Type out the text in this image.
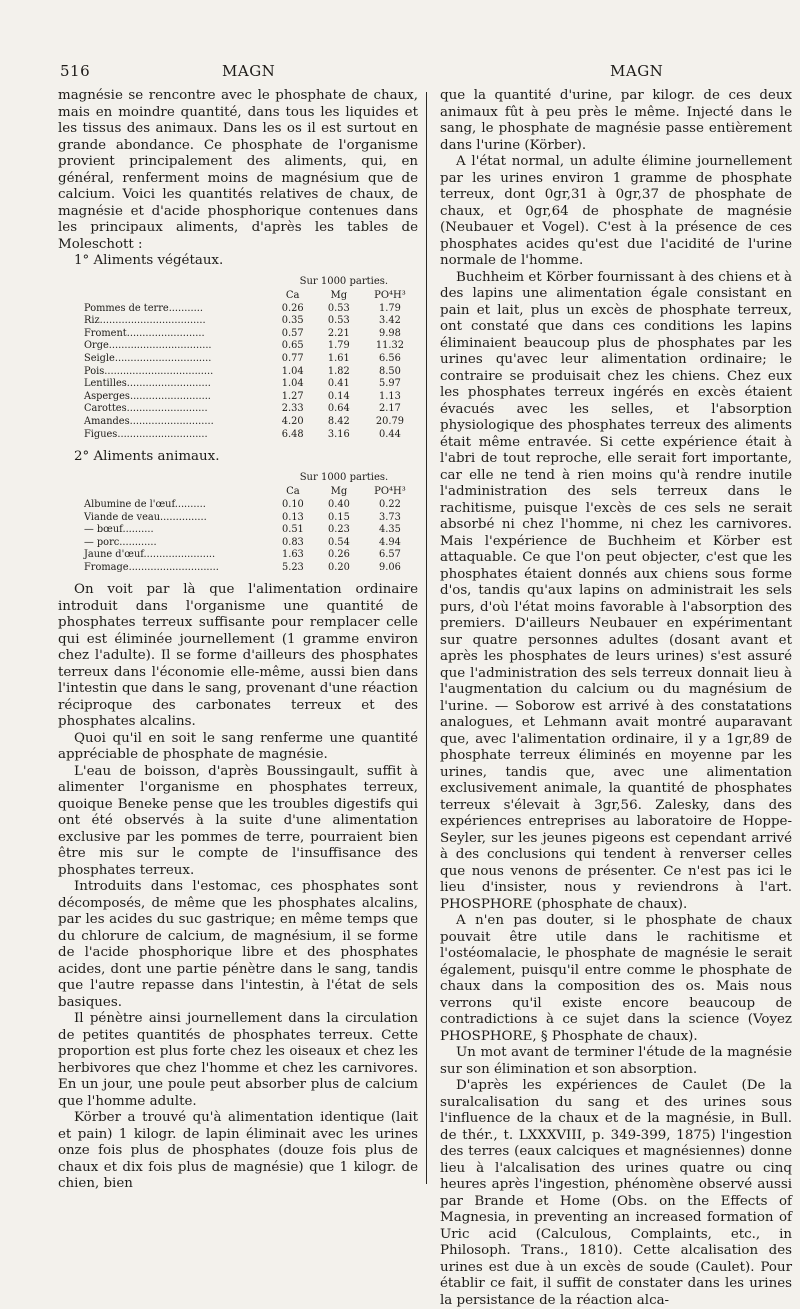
516	MAGN	MAGN

magnésie se rencontre avec le phosphate de chaux, mais en moindre quantité, dans tous les liquides et les tissus des animaux. Dans les os il est surtout en grande abondance. Ce phosphate de l'organisme provient principalement des aliments, qui, en général, renferment moins de magnésium que de calcium. Voici les quantités relatives de chaux, de magnésie et d'acide phosphorique contenues dans les principaux aliments, d'après les tables de Moleschott :

1° Aliments végétaux.
	Sur 1000 parties.		
	Ca	Mg	PO⁴H³
Pommes de terre...........	0.26	0.53	1.79
Riz..................................	0.35	0.53	3.42
Froment.........................	0.57	2.21	9.98
Orge.................................	0.65	1.79	11.32
Seigle...............................	0.77	1.61	6.56
Pois...................................	1.04	1.82	8.50
Lentilles...........................	1.04	0.41	5.97
Asperges..........................	1.27	0.14	1.13
Carottes..........................	2.33	0.64	2.17
Amandes...........................	4.20	8.42	20.79
Figues.............................	6.48	3.16	0.44
2° Aliments animaux.
	Sur 1000 parties.		
	Ca	Mg	PO⁴H³
Albumine de l'œuf..........	0.10	0.40	0.22
Viande de veau...............	0.13	0.15	3.73
— bœuf..........	0.51	0.23	4.35
— porc............	0.83	0.54	4.94
Jaune d'œuf.......................	1.63	0.26	6.57
Fromage.............................	5.23	0.20	9.06

On voit par là que l'alimentation ordinaire introduit dans l'organisme une quantité de phosphates terreux suffisante pour remplacer celle qui est éliminée journellement (1 gramme environ chez l'adulte). Il se forme d'ailleurs des phosphates terreux dans l'économie elle-même, aussi bien dans l'intestin que dans le sang, provenant d'une réaction réciproque des carbonates terreux et des phosphates alcalins.

Quoi qu'il en soit le sang renferme une quantité appréciable de phosphate de magnésie.

L'eau de boisson, d'après Boussingault, suffit à alimenter l'organisme en phosphates terreux, quoique Beneke pense que les troubles digestifs qui ont été observés à la suite d'une alimentation exclusive par les pommes de terre, pourraient bien être mis sur le compte de l'insuffisance des phosphates terreux.

Introduits dans l'estomac, ces phosphates sont décomposés, de même que les phosphates alcalins, par les acides du suc gastrique; en même temps que du chlorure de calcium, de magnésium, il se forme de l'acide phosphorique libre et des phosphates acides, dont une partie pénètre dans le sang, tandis que l'autre repasse dans l'intestin, à l'état de sels basiques.

Il pénètre ainsi journellement dans la circulation de petites quantités de phosphates terreux. Cette proportion est plus forte chez les oiseaux et chez les herbivores que chez l'homme et chez les carnivores. En un jour, une poule peut absorber plus de calcium que l'homme adulte.

Körber a trouvé qu'à alimentation identique (lait et pain) 1 kilogr. de lapin éliminait avec les urines onze fois plus de phosphates (douze fois plus de chaux et dix fois plus de magnésie) que 1 kilogr. de chien, bien

que la quantité d'urine, par kilogr. de ces deux animaux fût à peu près le même. Injecté dans le sang, le phosphate de magnésie passe entièrement dans l'urine (Körber).

A l'état normal, un adulte élimine journellement par les urines environ 1 gramme de phosphate terreux, dont 0gr,31 à 0gr,37 de phosphate de chaux, et 0gr,64 de phosphate de magnésie (Neubauer et Vogel). C'est à la présence de ces phosphates acides qu'est due l'acidité de l'urine normale de l'homme.

Buchheim et Körber fournissant à des chiens et à des lapins une alimentation égale consistant en pain et lait, plus un excès de phosphate terreux, ont constaté que dans ces conditions les lapins éliminaient beaucoup plus de phosphates par les urines qu'avec leur alimentation ordinaire; le contraire se produisait chez les chiens. Chez eux les phosphates terreux ingérés en excès étaient évacués avec les selles, et l'absorption physiologique des phosphates terreux des aliments était même entravée. Si cette expérience était à l'abri de tout reproche, elle serait fort importante, car elle ne tend à rien moins qu'à rendre inutile l'administration des sels terreux dans le rachitisme, puisque l'excès de ces sels ne serait absorbé ni chez l'homme, ni chez les carnivores. Mais l'expérience de Buchheim et Körber est attaquable. Ce que l'on peut objecter, c'est que les phosphates étaient donnés aux chiens sous forme d'os, tandis qu'aux lapins on administrait les sels purs, d'où l'état moins favorable à l'absorption des premiers. D'ailleurs Neubauer en expérimentant sur quatre personnes adultes (dosant avant et après les phosphates de leurs urines) s'est assuré que l'administration des sels terreux donnait lieu à l'augmentation du calcium ou du magnésium de l'urine. — Soborow est arrivé à des constatations analogues, et Lehmann avait montré auparavant que, avec l'alimentation ordinaire, il y a 1gr,89 de phosphate terreux éliminés en moyenne par les urines, tandis que, avec une alimentation exclusivement animale, la quantité de phosphates terreux s'élevait à 3gr,56. Zalesky, dans des expériences entreprises au laboratoire de Hoppe-Seyler, sur les jeunes pigeons est cependant arrivé à des conclusions qui tendent à renverser celles que nous venons de présenter. Ce n'est pas ici le lieu d'insister, nous y reviendrons à l'art. PHOSPHORE (phosphate de chaux).

A n'en pas douter, si le phosphate de chaux pouvait être utile dans le rachitisme et l'ostéomalacie, le phosphate de magnésie le serait également, puisqu'il entre comme le phosphate de chaux dans la composition des os. Mais nous verrons qu'il existe encore beaucoup de contradictions à ce sujet dans la science (Voyez PHOSPHORE, § Phosphate de chaux).

Un mot avant de terminer l'étude de la magnésie sur son élimination et son absorption.

D'après les expériences de Caulet (De la suralcalisation du sang et des urines sous l'influence de la chaux et de la magnésie, in Bull. de thér., t. LXXXVIII, p. 349-399, 1875) l'ingestion des terres (eaux calciques et magnésiennes) donne lieu à l'alcalisation des urines quatre ou cinq heures après l'ingestion, phénomène observé aussi par Brande et Home (Obs. on the Effects of Magnesia, in preventing an increased formation of Uric acid (Calculous, Complaints, etc., in Philosoph. Trans., 1810). Cette alcalisation des urines est due à un excès de soude (Caulet). Pour établir ce fait, il suffit de constater dans les urines la persistance de la réaction alca-
